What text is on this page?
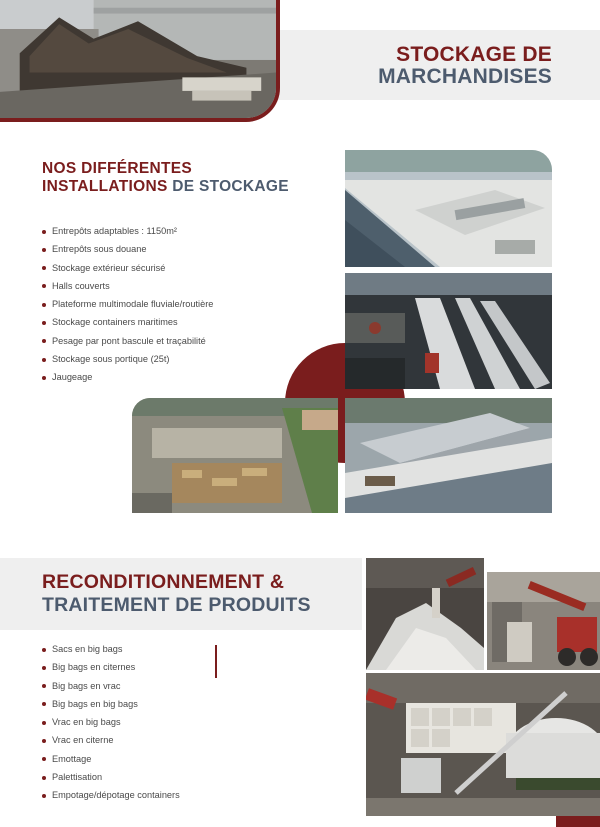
STOCKAGE DE
MARCHANDISES
NOS DIFFÉRENTES
INSTALLATIONS DE STOCKAGE
Entrepôts adaptables : 1150m²
Entrepôts sous douane
Stockage extérieur sécurisé
Halls couverts
Plateforme multimodale fluviale/routière
Stockage containers maritimes
Pesage par pont bascule et traçabilité
Stockage sous portique (25t)
Jaugeage
RECONDITIONNEMENT &
TRAITEMENT DE PRODUITS
Sacs en big bags
Big bags en citernes
Big bags en vrac
Big bags en big bags
Vrac en big bags
Vrac en citerne
Emottage
Palettisation
Empotage/dépotage containers
